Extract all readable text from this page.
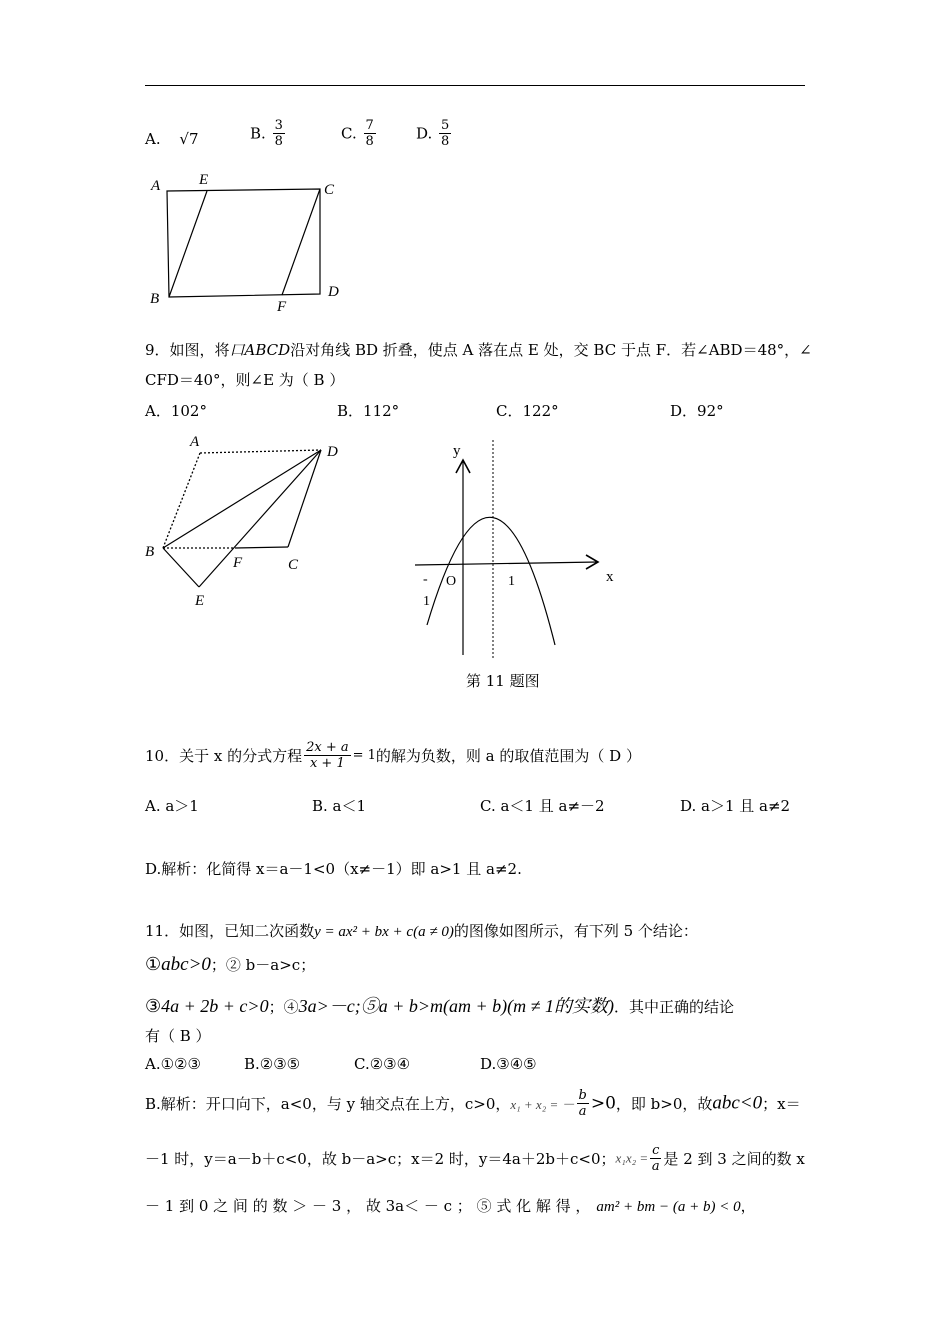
A. √7	B. $\frac{3}{8}$	C. $\frac{7}{8}$	D. $\frac{5}{8}$
A	E
C
B	F
D
9．如图，将口ABCD沿对角线 BD 折叠，使点 A 落在点 E 处，交 BC 于点 F．若∠ABD＝48°，∠
CFD＝40°，则∠E 为（ B ）
A．102°	B．112°	C．122°	D．92°
A
D
B
F	C
E
y
x
O	1
-
1
第 11 题图
10．关于 x 的分式方程 $\frac{2x + a}{x + 1} = 1$的解为负数，则 a 的取值范围为（ D ）
A. a＞1	B. a＜1	C. a＜1 且 a≠－2	D. a＞1 且 a≠2
D.解析：化简得 x＝a－1<0（x≠－1）即 a>1 且 a≠2.
11．如图，已知二次函数y = ax² + bx + c(a ≠ 0)的图像如图所示，有下列 5 个结论：
①abc>0；② b－a>c；
③4a + 2b + c>0；④3a>－c;⑤a + b>m(am + b)(m ≠ 1的实数)．其中正确的结论
有（ B ）
A.①②③	B.②③⑤	C.②③④	D.③④⑤
B.解析：开口向下，a<0，与 y 轴交点在上方，c>0，x₁ + x₂ = － $\frac{b}{a} >0$，即 b>0，故abc<0；x＝
－1 时，y＝a－b＋c<0，故 b－a>c；x＝2 时，y＝4a＋2b＋c<0；$x_1x_2 = \frac{c}{a}$ 是 2 到 3 之间的数 x
－ 1 到 0 之 间 的 数 ＞ － 3 ， 故 3a＜ － c ； ⑤ 式 化 解 得 ， am² + bm − (a + b) < 0，
